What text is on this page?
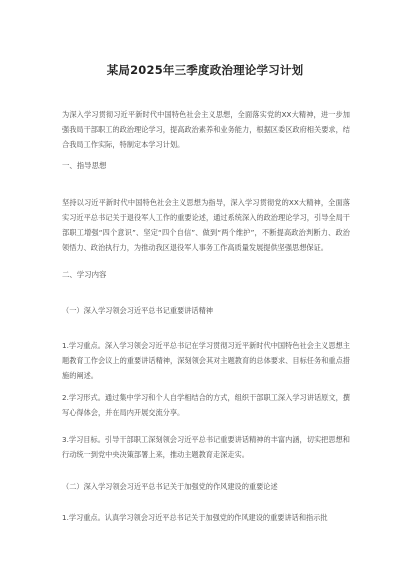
某局2025年三季度政治理论学习计划
为深入学习贯彻习近平新时代中国特色社会主义思想，全面落实党的XX大精神，进一步加强我局干部职工的政治理论学习，提高政治素养和业务能力，根据区委区政府相关要求，结合我局工作实际，特制定本学习计划。
一、指导思想
坚持以习近平新时代中国特色社会主义思想为指导，深入学习贯彻党的XX大精神，全面落实习近平总书记关于退役军人工作的重要论述，通过系统深入的政治理论学习，引导全局干部职工增强“四个意识”、坚定“四个自信”、做到“两个维护”，不断提高政治判断力、政治领悟力、政治执行力，为推动我区退役军人事务工作高质量发展提供坚强思想保证。
二、学习内容
（一）深入学习领会习近平总书记重要讲话精神
1.学习重点。深入学习领会习近平总书记在学习贯彻习近平新时代中国特色社会主义思想主题教育工作会议上的重要讲话精神，深刻领会其对主题教育的总体要求、目标任务和重点措施的阐述。
2.学习形式。通过集中学习和个人自学相结合的方式，组织干部职工深入学习讲话原文，撰写心得体会，并在局内开展交流分享。
3.学习目标。引导干部职工深刻领会习近平总书记重要讲话精神的丰富内涵，切实把思想和行动统一到党中央决策部署上来，推动主题教育走深走实。
（二）深入学习领会习近平总书记关于加强党的作风建设的重要论述
1.学习重点。认真学习领会习近平总书记关于加强党的作风建设的重要讲话和指示批
